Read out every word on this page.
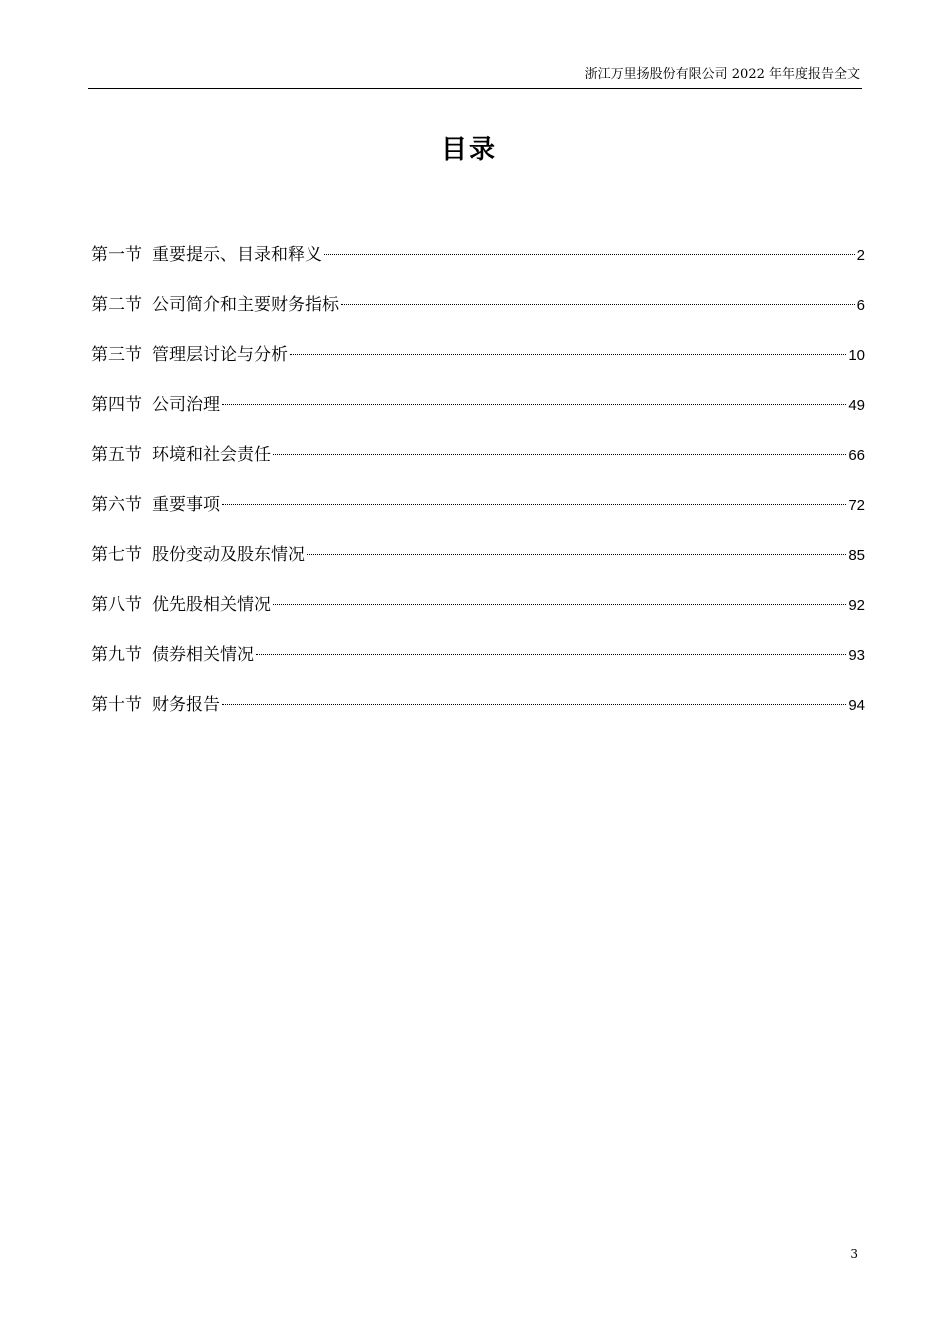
浙江万里扬股份有限公司 2022 年年度报告全文
目录
第一节 重要提示、目录和释义	2
第二节 公司简介和主要财务指标	6
第三节 管理层讨论与分析	10
第四节 公司治理	49
第五节 环境和社会责任	66
第六节 重要事项	72
第七节 股份变动及股东情况	85
第八节 优先股相关情况	92
第九节 债券相关情况	93
第十节 财务报告	94
3
